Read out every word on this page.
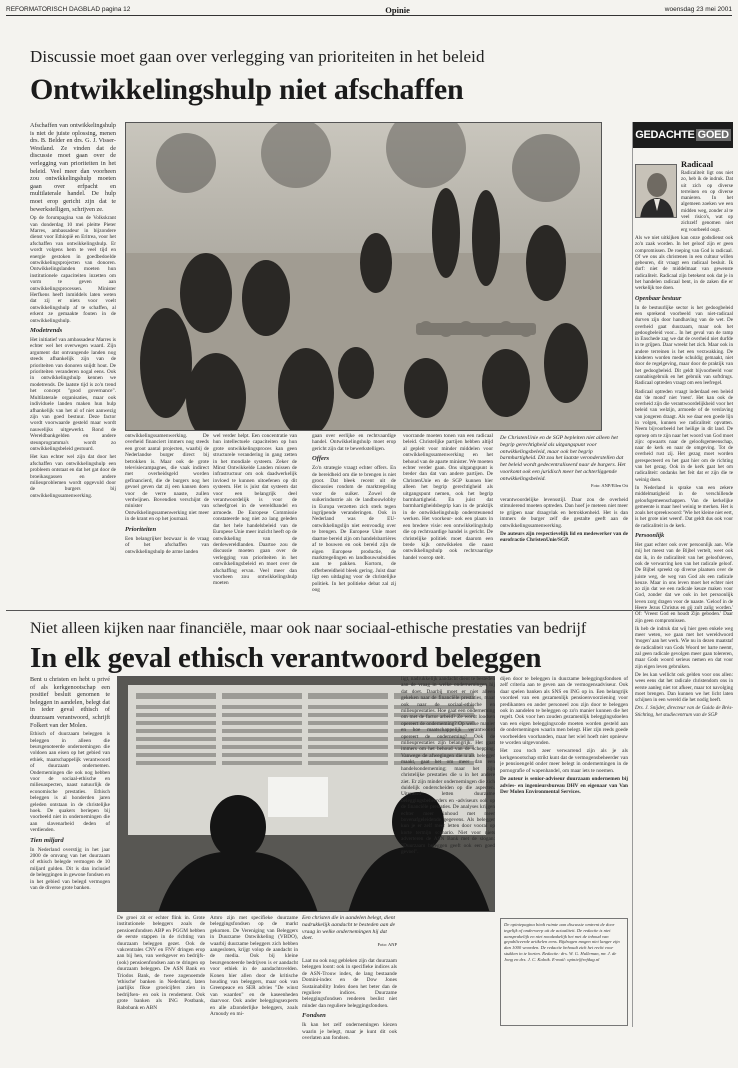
REFORMATORISCH DAGBLAD pagina 12	Opinie	woensdag 23 mei 2001
Discussie moet gaan over verlegging van prioriteiten in het beleid
Ontwikkelingshulp niet afschaffen

Afschaffen van ontwikkelingshulp is niet de juiste oplossing, menen drs. B. Belder en drs. G. J. Visser-Westland. Ze vinden dat de discussie moet gaan over de verlegging van prioriteiten in het beleid. Veel meer dan voorheen zou ontwikkelingshulp moeten gaan over erfpacht en multilaterale handel. De hulp moet erop gericht zijn dat te bewerkstelligen, schrijven ze.

Op de forumpagina van de Volkskrant van donderdag 10 mei pleitte Pieter Marres, ambassadeur in bijzondere dienst voor Ethiopië en Eritrea, voor het afschaffen van ontwikkelingshulp. Er wordt volgens hem te veel tijd en energie gestoken in goedbedoelde ontwikkelingsprojecten van donoren. Ontwikkelingslanden moeten hun institutionele capaciteiten inzetten om vorm te geven aan ontwikkelingsprocessen. Minister Herfkens heeft inmiddels laten weten dat zij er niets voor voelt ontwikkelingshulp af te schaffen, al erkent ze gemaakte fouten in de ontwikkelingshulp.

Modetrends

Het initiatief van ambassadeur Marres is echter wel het overwegen waard. Zijn argument dat ontvangende landen nog steeds afhankelijk zijn van de prioriteiten van donoren snijdt hout. De prioriteiten veranderen nogal eens. Ook in ontwikkelingshulp kennen we modetrends. De laatste tijd is zo'n trend het concept "good governance". Multilaterale organisaties, maar ook individuele landen maken hun hulp afhankelijk van het al of niet aanwezig zijn van goed bestuur. Deze factor wordt voorwaarde gesteld maar wordt nauwelijks uitgewerkt. Rond de Wereldbankgelden en andere steunprogramma's wordt zo ontwikkelingsbeleid gestuurd.

Het kan echter wel zijn dat door het afschaffen van ontwikkelingshulp een probleem ontstaat en dat het gat door de broeikasgassen en andere milieuproblemen wordt opgevuld door de burgers bij ontwikkelingssamenwerking.

ontwikkelingssamenwerking. De overheid financiert immers nog steeds een groot aantal projecten, waarbij de Nederlandse burger direct bij betrokken is. Maar ook de grote televisiecampagnes, die vaak indirect met overheidsgeld worden gefinancierd, die de burgers nog het gevoel geven dat zij een kansen doen voor de verre naaste, zullen verdwijnen. Bovendien verschijnt de minister van Ontwikkelingssamenwerking niet meer in de krant en op het journaal.

Prioriteiten

Een belangrijker bezwaar is de vraag of het afschaffen van ontwikkelingshulp de arme landen

wel verder helpt. Een concentratie van hun intellectuele capaciteiten op hun grote ontwikkelingsproces kan geen structurele verandering in gang zetten in het mondiale systeem. Zeker de Minst Ontwikkelde Landen missen de infrastructuur om ook daadwerkelijk invloed te kunnen uitoefenen op dit systeem. Het is juist dat systeem dat voor een belangrijk deel verantwoordelijk is voor de scheefgroei in de wereldhandel en armoede. De Europese Commissie constateerde nog niet zo lang geleden dat het hele handelsbeleid van de Europese Unie meer inzicht heeft op de ontwikkeling van de derdewereldlanden. Daartoe zou de discussie moeten gaan over de verlegging van prioriteiten in het ontwikkelingsbeleid en moet over de afschaffing ervan. Veel meer dan voorheen zou ontwikkelingshulp moeten

gaan over eerlijke en rechtvaardige handel. Ontwikkelingshulp moet erop gericht zijn dat te bewerkstelligen.

Offers

Zo'n strategie vraagt echter offers. En de bereidheid om die te brengen is niet groot. Dat bleek recent uit de discussies rondom de marktregeling voor de suiker. Zowel de suikerindustrie als de landbouwlobby in Europa verzetten zich sterk tegen ingrijpende veranderingen. Ook in Nederland was de EU-ontwikkelingslijn niet eenvoudig over te brengen. De Europese Unie moet daartoe bereid zijn om handelsbarrières af te bouwen en ook bereid zijn de eigen Europese productie, de marktregelingen en landbouwsubsidies aan te pakken. Kortom, de offerbereidheid bleek gering. Juist daar ligt een uitdaging voor de christelijke politiek. In het politieke debat zal zij oog

voorrande moeten tonen van een radicaal beleid. Christelijke partijen hebben altijd al gepleit voor minder middelen voor ontwikkelingssamenwerking en het behoud van de aparte minister. We moeten echter verder gaan. Ons uitgangspunt is breder dan dat van andere partijen. De ChristenUnie en de SGP kunnen hier alleen het begrip gerechtigheid als uitgangspunt nemen, ook het begrip barmhartigheid. En juist dat barmhartigheidsbegrip kan in de praktijk in de ontwikkelingshulp ondersteunend werken. Het voorkeur- ook een plaats in een bredere visie: een ontwikkelingshulp die op rechtvaardige handel is gericht. De christelijke politiek moet daarom een brede kijk ontwikkelen die naast ontwikkelingshulp ook rechtvaardige handel voorop stelt.

De ChristenUnie en de SGP bepleiten niet alleen het begrip gerechtigheid als uitgangspunt voor ontwikkelingsbeleid, maar ook het begrip barmhartigheid. Dit zou het laatste veronderstellen dat het beleid wordt gedecentraliseerd naar de burgers. Het voorkomt ook een juridisch meer het achterliggende ontwikkelingsbeleid.
Foto: ANP/Ellen Ott

verantwoordelijke levensstijl. Daar zou de overheid stimulerend moeten optreden. Dan hoef je meteen niet meer te grijpen naar draagvlak en betrokkenheid. Het is dan immers de burger zelf die gestalte geeft aan de ontwikkelingssamenwerking.

De auteurs zijn respectievelijk lid en medewerker van de eurofractie ChristenUnie/SGP.

Niet alleen kijken naar financiële, maar ook naar sociaal-ethische prestaties van bedrijf
In elk geval ethisch verantwoord beleggen

Bent u christen en hebt u privé of als kerkgenootschap een positief besluit genomen te beleggen in aandelen, belegt dat in ieder geval ethisch of duurzaam verantwoord, schrijft Folkert van der Molen.

Ethisch of duurzaam beleggen is beleggen in alleen die beursgenoteerde ondernemingen die voldoen aan eisen op het gebied van ethiek, maatschappelijk verantwoord of duurzaam ondernemen. Ondernemingen die ook nog hebben voor de sociaal-ethische en milieuaspecten, naast natuurlijk de economische prestaties. Ethisch beleggen is al honderden jaren geleden ontstaan in de christelijke hoek. De quakers beriepen bij voorbeeld niet in ondernemingen die aan slavenarbeid deden of verdienden.

Tien miljard

In Nederland overstijg in het jaar 2000 de omvang van het duurzaam of ethisch belegde vermogen de 10 miljard gulden. Dit is dan inclusief de beleggingen in gewone fondsen en in het gebied van belegd vermogen van de diverse grote banken.

Een christen die in aandelen belegt, dient nadrukkelijk aandacht te besteden aan de vraag in welke ondernemingen hij dat doet.
Foto: ANP

De groei zit er echter flink in. Grote institutionele beleggers zoals de pensioenfondsen ABP en PGGM hebben de eerste stappen in de richting van duurzaam beleggen gezet. Ook de vakcentrales CNV en FNV dringen erop aan bij hen, van werkgever en bedrijfs- (ook) pensioenfondsen aan te dringen op duurzaam beleggen. De ASN Bank en Triodos Bank, de twee zogenoemde 'ethische' banken in Nederland, laten jaarlijks fikse groeicijfers zien in bedrijfsen- en ook in rendement. Ook grote banken als ING Postbank, Rabobank en ABN

Amro zijn met specifieke duurzame beleggingsfondsen op de markt gekomen. De Vereniging van Beleggers in Duurzame Ontwikkeling (VBDO), waarbij duurzame beleggers zich hebben aangesloten, krijgt volop de aandacht in de media. Ook bij kleine beursgenoteerde bedrijven is er aandacht voor ethiek in de aandachtsvelden. Konen hier allen door de kritische houding van beleggers, maar ook van Greenpeace en SER advies "De winst van waarden" en de kaseenheden daarvoor. Ook ander beleggingsexperts en alle afzonderlijke beleggers, zoals Arnoudy en mi-

ligt, nadrukkelijk aandacht dient te besteden aan de vraag in welke ondernemingen hij dat doet. Daarbij moet er niet alleen gekeken naar de financiële prestaties, maar ook naar de sociaal-ethische en milieuprestaties. Hoe gaat een onderneming om met de factor arbeid? Ze wordt loodsen opereert de onderneming? Op welke manier en hoe maatschappelijk verantwoord opereert de onderneming? Ook de milieuprestaties zijn belangrijk. Het gaat immers om het behoud van de schepping. Vanwege de afwegingen die u als belegger maakt, gaat het om meer dan een handelsonderneming; maar het zijn christelijke prestaties die u in het andere ziet. Er zijn minder ondernemingen die zich duidelijk onderscheiden op die aspecten. Uiteraard letten duurzame beleggingsbeheerders en -adviseurs ook op de financiële prestaties. De analyses krijgen echter meer inhoud met meer bovenafgeleidende gegevens. Als belegger kun je er zelf meer letten door vooral op korte termijn scenario. Niet voor niets adverteren de ASN Bank met de slogan: "Duurzaam beleggen geeft ook een goed gevoel".

Laat nu ook nog gebleken zijn dat duurzaam beleggen loont: ook in specifieke indices als de ASN-Trouw index, de lang bestaande Domini-index en de Dow Jones Sustainability Index doen het beter dan de reguliere indices. Duurzame beleggingsfondsen renderen beslist niet minder dan reguliere beleggingsfondsen.

Fondsen

Ik kan het zelf ondernemingen kiezen waarin je belegt, maar je kunt dit ook overlaten aan fondsen.

dijen door te beleggen in duurzame beleggingsfondsen of zelf criteria aan te geven aan de vermogensadviseur. Ook daar spelen banken als SNS en ING op in. Een belangrijk voordeel van een gezamenlijk pensioenvoorziening voor predikanten en ander personeel zou zijn door te beleggen ook in aandelen te beleggen op zo'n manier kunnen die het regelt. Ook voor hen zouden gezamenlijk beleggingsdoelen van een eigen beleggingscode moeten worden gesteld aan de ondernemingen waarin men belegt. Hier zijn reeds goede voorbeelden voorhanden, maar het wiel hoeft niet opnieuw te worden uitgevonden.

Het zou toch zeer verwarrend zijn als je als kerkgenootschap strikt kunt dat de vermogensbeheerder van je pensioengeld onder meer belegt in ondernemingen in de pornografie of wapenhandel, om maar iets te noemen.

De auteur is senior-adviseur duurzaam ondernemen bij advies- en ingenieursbureau DHV en eigenaar van Van Der Molen Environmental Services.

De opiniepagina biedt ruimte aan discussie omtrent de door tegelijk of onderwerp uit de actualiteit. De redactie is niet aansprakelijk en niet noodzakelijk het met de inhoud van gepubliceerde artikelen eens. Bijdragen mogen niet langer zijn dan 1000 woorden. De redactie behoudt zich het recht voor stukken in te korten. Redactie: drs. W. G. Hulleman, mr. J. de Jong en drs. J. C. Kalnik. E-mail: opinie@refdag.nl
GEDACHTE GOED
Radicaal

Radicaliteit ligt ons niet zo, heb ik de indruk. Dat uit zich op diverse terreinen en op diverse manieren. In het algemeen zoeken we een midden weg, zonder al te veel risico's, wat op zichzelf genomen niet erg voorbeeld oogt.

Als we niet uitkijken kan onze godsdienst ook zo'n zaak worden. In het geloof zijn er geen compromissen. De roeping van God is radicaal. Of we ons als christenen in een cultuur willen gebeuren, dit vraagt een radicaal besluit. Ik durf: niet de middelmaat van gewenste radicaliteit. Radicaal zijn betekent ook dat je in het handelen radicaal bent, in de zaken die er werkelijk toe doen.

Openbaar bestuur

In de bestuurlijke sector is het gedoogbeleid een sprekend voorbeeld van niet-radicaal durven zijn door handhaving van de wet. De overheid gaat duurzaam, maar ook het gedoogbeleid voor... In het geval van de ramp in Enschede zag we dat de overheid niet durfde in te grijpen. Daar wreekt het zich. Maar ook in andere terreinen is het een verzwakking. De kinderen worden mede schuldig gemaakt, niet door de regelgeving, maar door de praktijk van het gedoogbeleid. Dit geldt bijvoorbeeld voor cannabisgebruik en het gebruik van softdrugs. Radicaal optreden vraagt om een leefregel.

Radicaal optreden vraagt inderdaad een beleid dat 'de mond' niet 'roest'. Het kan ook de overheid zijn die verantwoordelijkheid voor het beleid van welzijn, armoede of de verslaving van jongeren draagt. Als we daar een goede lijn in volgen, kunnen we radicaliteit opvatten. Neem bijvoorbeeld het heilige in dit land. De oproep om te zijn naar het woord van God moet zijn: opwaarts naar de geloofsgemeenschap, naar de kerk en naar de omgeving. Tot de overheid rust zij. Het gezag moet worden gerespecteerd en het gaat hier om de richting van het gezag. Ook in de kerk gaat het om radicaliteit: ondanks het feit dat er zijn die te weinig doen.

In Nederland is sprake van een zekere middelmatigheid in de verschillende geloofsgemeenschappen. Van de kerkelijke gemeente is maar heel weinig te merken. Het is zoals het spreekwoord: 'Wie het kleine niet eert, is het grote niet weerd'. Dat geldt dus ook voor de radicaliteit in de kerk.

Persoonlijk

Het gaat echter ook over persoonlijk aan. Wie mij het meest van de Bijbel vertelt, weet ook dat ik, in de radicaliteit van het geloofsleven, ook de verwarring ken van het radicale geloof. De Bijbel spreekt op diverse plaatsen over de juiste weg, de weg van God als een radicale keuze. Maar in ons leven moet het echter niet zo zijn dat we een radicale keuze maken voor God, zonder dat we ook in het persoonlijk leven zorg dragen voor de naaste. 'Geloof in de Heere Jezus Christus en gij zult zalig worden.' Of: 'Vreest God en houdt Zijn geboden.' Daar zijn geen compromissen.

Ik heb de indruk dat wij hier geen enkele weg meer weten, we gaan met het wereldwoord 'mogen' aan het werk. Wie nu in dezen maatstaf de radicaliteit van Gods Woord ter harte neemt, zal geen radicale gevolgen meer gaan tolereren, maar Gods woord serieus nemen en dat voor zijn eigen leven gebruiken.

De les kan wellicht ook gelden voor ons allen: wees eens dat het radicale christendom ons in eerste aanleg niet tot afkeer, maar tot navolging moet brengen. Dan kunnen we het licht laten schijnen in een wereld die het nodig heeft.

Drs. J. Snijder, directeur van de Guido de Brès-Stichting, het studiecentrum van de SGP
